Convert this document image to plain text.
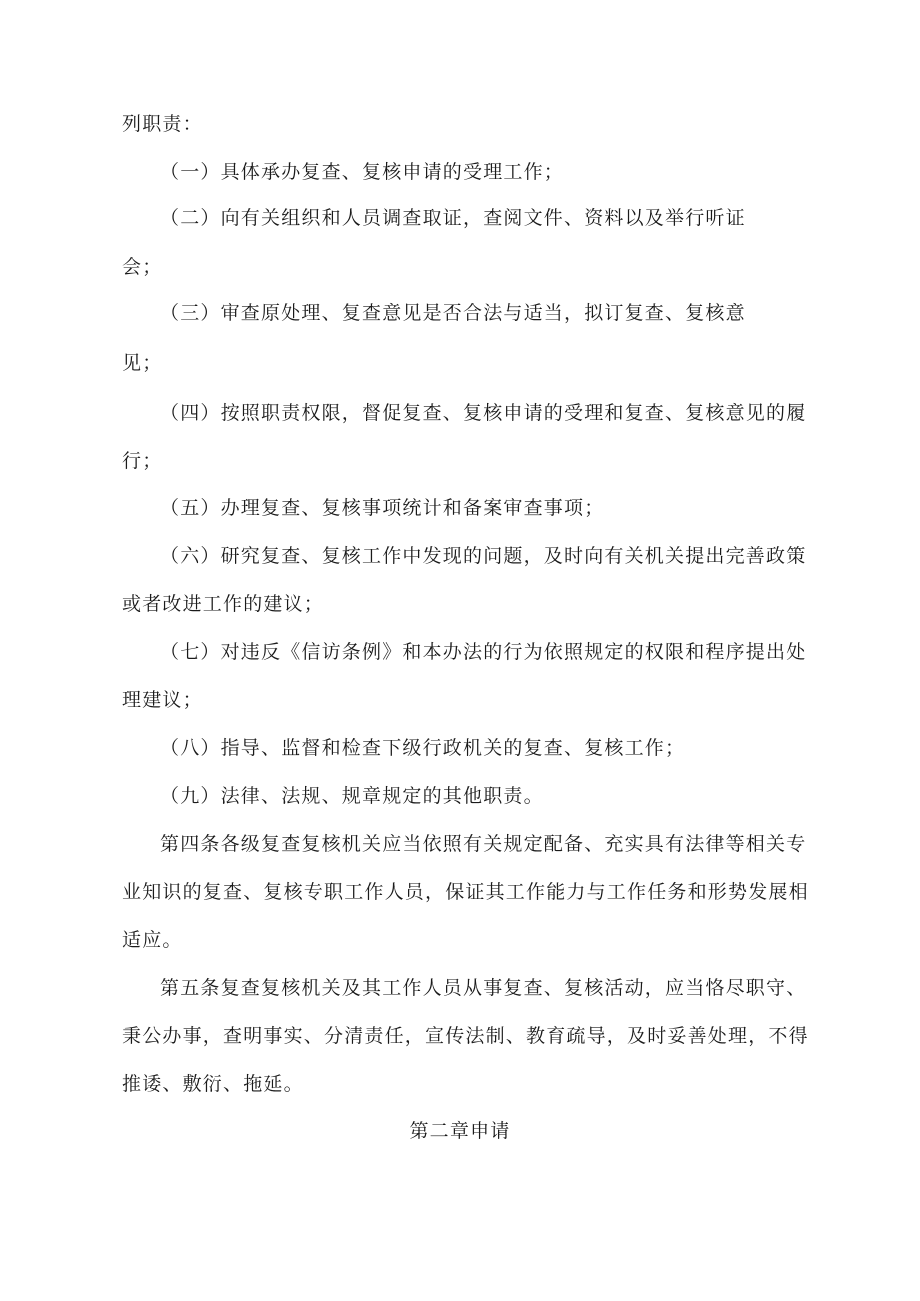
列职责：
（一）具体承办复查、复核申请的受理工作；
（二）向有关组织和人员调查取证，查阅文件、资料以及举行听证
会；
（三）审查原处理、复查意见是否合法与适当，拟订复查、复核意
见；
（四）按照职责权限，督促复查、复核申请的受理和复查、复核意见的履
行；
（五）办理复查、复核事项统计和备案审查事项；
（六）研究复查、复核工作中发现的问题，及时向有关机关提出完善政策
或者改进工作的建议；
（七）对违反《信访条例》和本办法的行为依照规定的权限和程序提出处
理建议；
（八）指导、监督和检查下级行政机关的复查、复核工作；
（九）法律、法规、规章规定的其他职责。
第四条各级复查复核机关应当依照有关规定配备、充实具有法律等相关专
业知识的复查、复核专职工作人员，保证其工作能力与工作任务和形势发展相
适应。
第五条复查复核机关及其工作人员从事复查、复核活动，应当恪尽职守、
秉公办事，查明事实、分清责任，宣传法制、教育疏导，及时妥善处理，不得
推诿、敷衍、拖延。
第二章申请
